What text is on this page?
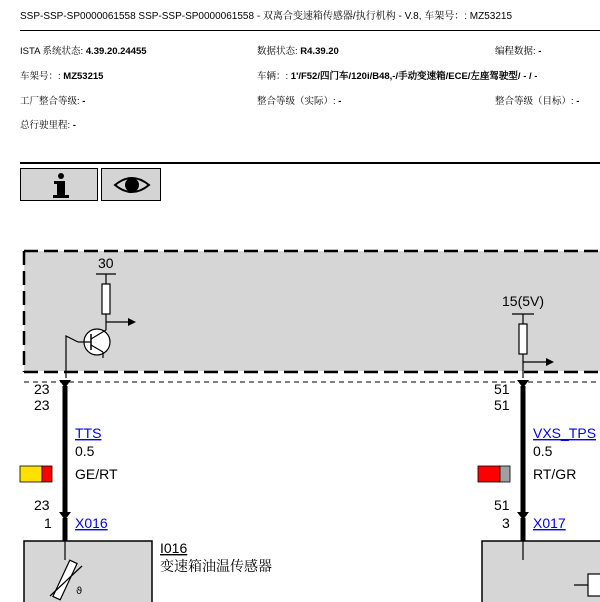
SSP-SSP-SP0000061558 SSP-SSP-SP0000061558 - 双离合变速箱传感器/执行机构 - V.8, 车架号：: MZ53215
ISTA 系统状态: 4.39.20.24455	数据状态: R4.39.20	编程数据: -
车架号：: MZ53215	车辆：: 1'/F52/四门车/120i/B48,-/手动变速箱/ECE/左座驾驶型/ - / -
工厂整合等级: -	整合等级（实际）: -	整合等级（目标）: -
总行驶里程: -
30
15(5V)
23
23
TTS
0.5
GE/RT
23
1 X016
51
51
VXS_TPS
0.5
RT/GR
51
3 X017
ϑ
I016
变速箱油温传感器
